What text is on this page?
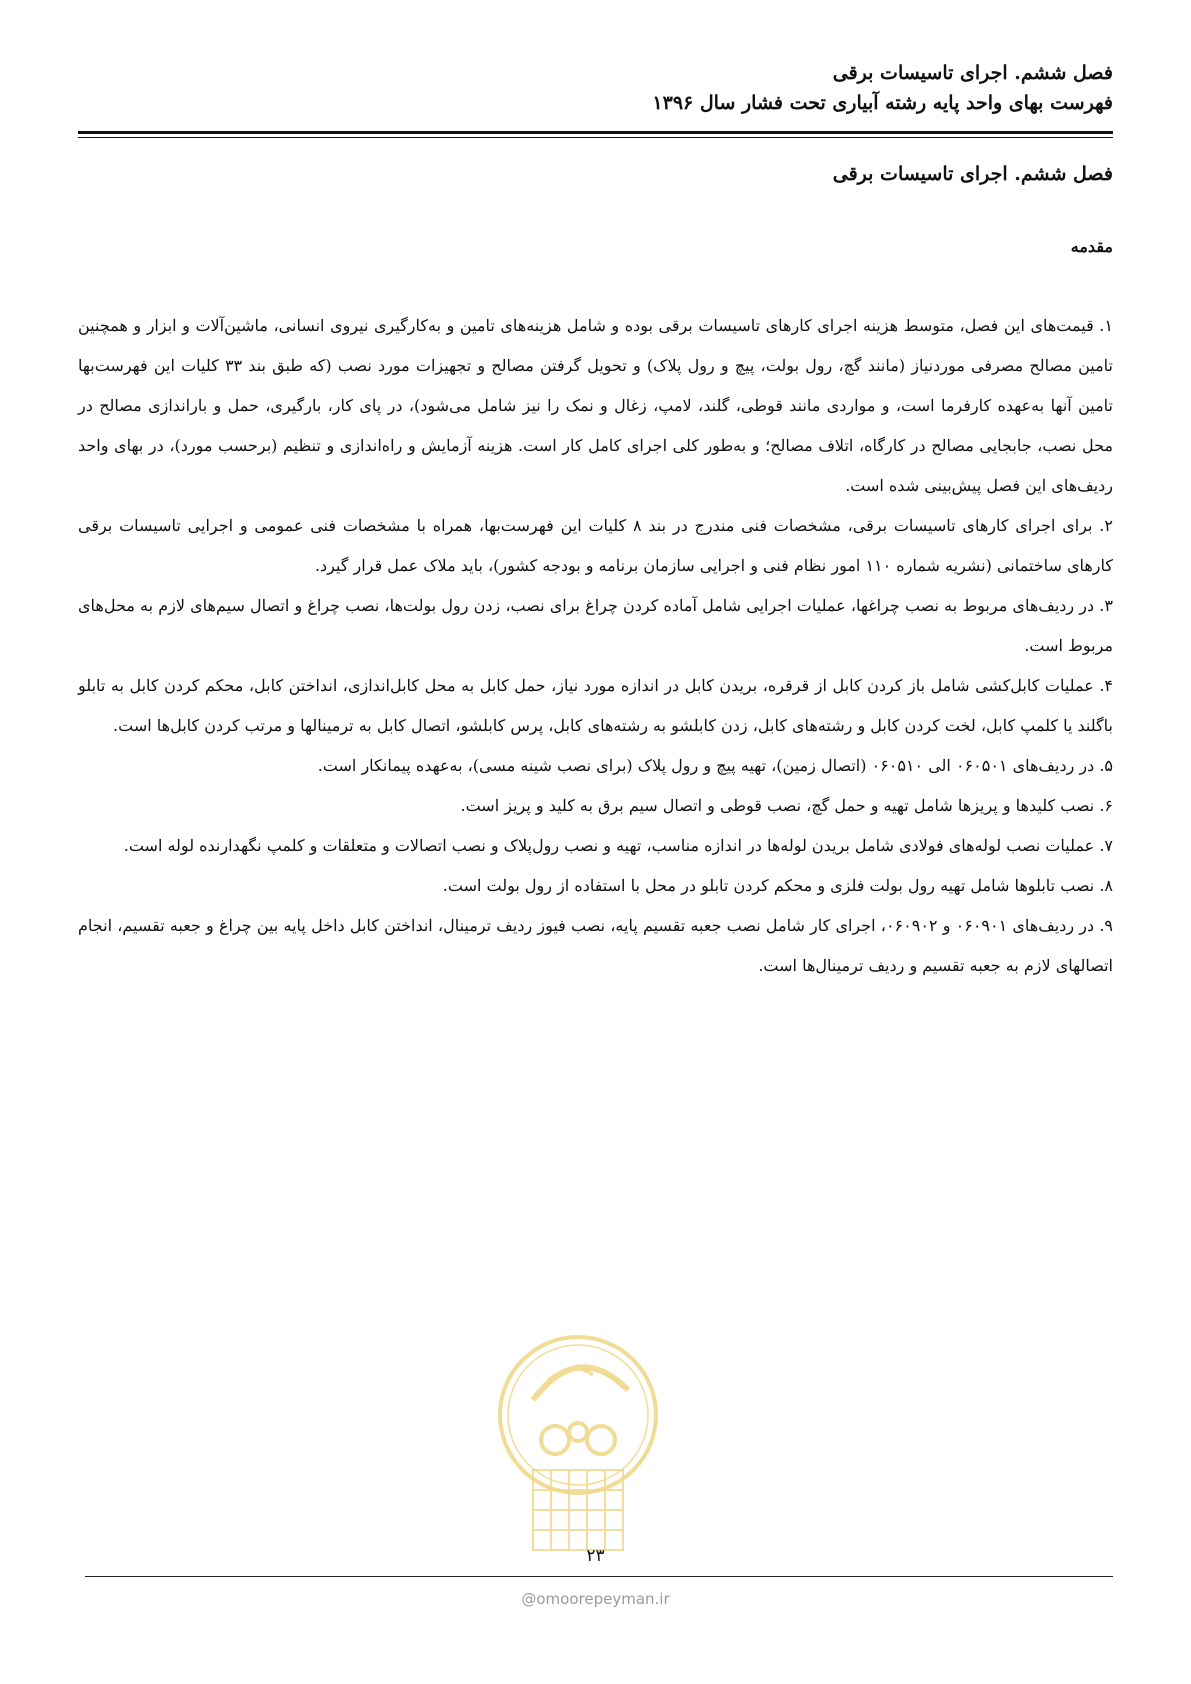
فصل ششم. اجرای تاسیسات برقی

فهرست بهای واحد پایه رشته آبیاری تحت فشار سال ۱۳۹۶

فصل ششم. اجرای تاسیسات برقی
مقدمه

۱. قیمت‌های این فصل، متوسط هزینه اجرای کارهای تاسیسات برقی بوده و شامل هزینه‌های تامین و به‌کارگیری نیروی انسانی، ماشین‌آلات و ابزار و همچنین تامین مصالح مصرفی موردنیاز (مانند گچ، رول بولت، پیچ و رول پلاک) و تحویل گرفتن مصالح و تجهیزات مورد نصب (که طبق بند ۳۳ کلیات این فهرست‌بها تامین آنها به‌عهده کارفرما است، و مواردی مانند قوطی، گلند، لامپ، زغال و نمک را نیز شامل می‌شود)، در پای کار، بارگیری، حمل و باراندازی مصالح در محل نصب، جابجایی مصالح در کارگاه، اتلاف مصالح؛ و به‌طور کلی اجرای کامل کار است. هزینه آزمایش و راه‌اندازی و تنظیم (برحسب مورد)، در بهای واحد ردیف‌های این فصل پیش‌بینی شده است.

۲. برای اجرای کارهای تاسیسات برقی، مشخصات فنی مندرج در بند ۸ کلیات این فهرست‌بها، همراه با مشخصات فنی عمومی و اجرایی تاسیسات برقی کارهای ساختمانی (نشریه شماره ۱۱۰ امور نظام فنی و اجرایی سازمان برنامه و بودجه کشور)، باید ملاک عمل قرار گیرد.

۳. در ردیف‌های مربوط به نصب چراغها، عملیات اجرایی شامل آماده کردن چراغ برای نصب، زدن رول بولت‌ها، نصب چراغ و اتصال سیم‌های لازم به محل‌های مربوط است.

۴. عملیات کابل‌کشی شامل باز کردن کابل از قرقره، بریدن کابل در اندازه مورد نیاز، حمل کابل به محل کابل‌اندازی، انداختن کابل، محکم کردن کابل به تابلو باگلند یا کلمپ کابل، لخت کردن کابل و رشته‌های کابل، زدن کابلشو به رشته‌های کابل، پرس کابلشو، اتصال کابل به ترمینالها و مرتب کردن کابل‌ها است.

۵. در ردیف‌های ۰۶۰۵۰۱ الی ۰۶۰۵۱۰ (اتصال زمین)، تهیه پیچ و رول پلاک (برای نصب شینه مسی)، به‌عهده پیمانکار است.

۶. نصب کلیدها و پریزها شامل تهیه و حمل گچ، نصب قوطی و اتصال سیم برق به کلید و پریز است.

۷. عملیات نصب لوله‌های فولادی شامل بریدن لوله‌ها در اندازه مناسب، تهیه و نصب رول‌پلاک و نصب اتصالات و متعلقات و کلمپ نگهدارنده لوله است.

۸. نصب تابلوها شامل تهیه رول بولت فلزی و محکم کردن تابلو در محل با استفاده از رول بولت است.

۹. در ردیف‌های ۰۶۰۹۰۱ و ۰۶۰۹۰۲، اجرای کار شامل نصب جعبه تقسیم پایه، نصب فیوز ردیف ترمینال، انداختن کابل داخل پایه بین چراغ و جعبه تقسیم، انجام اتصالهای لازم به جعبه تقسیم و ردیف ترمینال‌ها است.

۲۳
@omoorepeyman.ir
